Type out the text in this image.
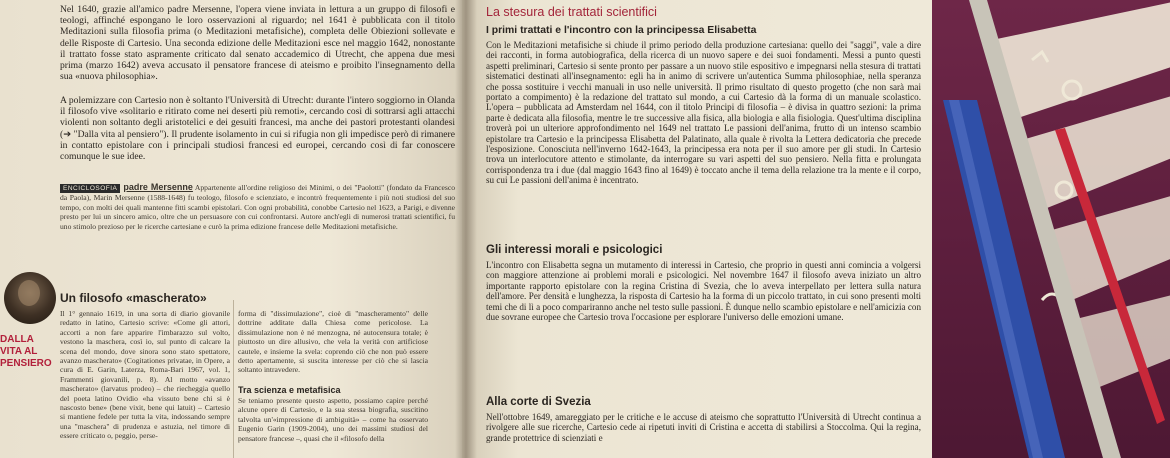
Nel 1640, grazie all'amico padre Mersenne, l'opera viene inviata in lettura a un gruppo di filosofi e teologi, affinché espongano le loro osservazioni al riguardo; nel 1641 è pubblicata con il titolo Meditazioni sulla filosofia prima (o Meditazioni metafisiche), completa delle Obiezioni sollevate e delle Risposte di Cartesio. Una seconda edizione delle Meditazioni esce nel maggio 1642, nonostante il trattato fosse stato aspramente criticato dal senato accademico di Utrecht, che appena due mesi prima (marzo 1642) aveva accusato il pensatore francese di ateismo e proibito l'insegnamento della sua «nuova philosophia».

A polemizzare con Cartesio non è soltanto l'Università di Utrecht: durante l'intero soggiorno in Olanda il filosofo vive «solitario e ritirato come nei deserti più remoti», cercando così di sottrarsi agli attacchi violenti non soltanto degli aristotelici e dei gesuiti francesi, ma anche dei pastori protestanti olandesi (➔ "Dalla vita al pensiero"). Il prudente isolamento in cui si rifugia non gli impedisce però di rimanere in contatto epistolare con i principali studiosi francesi ed europei, cercando così di far conoscere comunque le sue idee.

ENCICLOSOFIA padre Mersenne Appartenente all'ordine religioso dei Minimi, o dei "Paolotti" (fondato da Francesco da Paola), Marin Mersenne (1588-1648) fu teologo, filosofo e scienziato, e incontrò frequentemente i più noti studiosi del suo tempo, con molti dei quali mantenne fitti scambi epistolari. Con ogni probabilità, conobbe Cartesio nel 1623, a Parigi, e divenne presto per lui un sincero amico, oltre che un persuasore con cui confrontarsi. Autore anch'egli di numerosi trattati scientifici, fu uno stimolo prezioso per le ricerche cartesiane e curò la prima edizione francese delle Meditazioni metafisiche.
DALLA
VITA AL
PENSIERO
Un filosofo «mascherato»

Il 1° gennaio 1619, in una sorta di diario giovanile redatto in latino, Cartesio scrive: «Come gli attori, accorti a non fare apparire l'imbarazzo sul volto, vestono la maschera, così io, sul punto di calcare la scena del mondo, dove sinora sono stato spettatore, avanzo mascherato» (Cogitationes privatae, in Opere, a cura di E. Garin, Laterza, Roma-Bari 1967, vol. 1, Frammenti giovanili, p. 8). Al motto «avanzo mascherato» (larvatus prodeo) – che riecheggia quello del poeta latino Ovidio «ha vissuto bene chi si è nascosto bene» (bene vixit, bene qui latuit) – Cartesio si mantiene fedele per tutta la vita, indossando sempre una "maschera" di prudenza e astuzia, nel timore di essere criticato o, peggio, perse-

forma di "dissimulazione", cioè di "mascheramento" delle dottrine additate dalla Chiesa come pericolose. La dissimulazione non è né menzogna, né autocensura totale; è piuttosto un dire allusivo, che vela la verità con artificiose cautele, e insieme la svela: coprendo ciò che non può essere detto apertamente, si suscita interesse per ciò che si lascia soltanto intravedere.

Tra scienza e metafisica

Se teniamo presente questo aspetto, possiamo capire perché alcune opere di Cartesio, e la sua stessa biografia, suscitino talvolta un'«impressione di ambiguità» – come ha osservato Eugenio Garin (1909-2004), uno dei massimi studiosi del pensatore francese –, quasi che il «filosofo della

La stesura dei trattati scientifici
I primi trattati e l'incontro con la principessa Elisabetta

Con le Meditazioni metafisiche si chiude il primo periodo della produzione cartesiana: quello dei "saggi", vale a dire dei racconti, in forma autobiografica, della ricerca di un nuovo sapere e dei suoi fondamenti. Messi a punto questi aspetti preliminari, Cartesio si sente pronto per passare a un nuovo stile espositivo e impegnarsi nella stesura di trattati sistematici destinati all'insegnamento: egli ha in animo di scrivere un'autentica Summa philosophiae, nella speranza che possa sostituire i vecchi manuali in uso nelle università. Il primo risultato di questo progetto (che non sarà mai portato a compimento) è la redazione del trattato sul mondo, a cui Cartesio dà la forma di un manuale scolastico. L'opera – pubblicata ad Amsterdam nel 1644, con il titolo Principi di filosofia – è divisa in quattro sezioni: la prima parte è dedicata alla filosofia, mentre le tre successive alla fisica, alla biologia e alla fisiologia. Quest'ultima disciplina troverà poi un ulteriore approfondimento nel 1649 nel trattato Le passioni dell'anima, frutto di un intenso scambio epistolare tra Cartesio e la principessa Elisabetta del Palatinato, alla quale è rivolta la Lettera dedicatoria che precede l'esposizione. Conosciuta nell'inverno 1642-1643, la principessa era nota per il suo amore per gli studi. In Cartesio trova un interlocutore attento e stimolante, da interrogare su vari aspetti del suo pensiero. Nella fitta e prolungata corrispondenza tra i due (dal maggio 1643 fino al 1649) è toccato anche il tema della relazione tra la mente e il corpo, su cui Le passioni dell'anima è incentrato.

Gli interessi morali e psicologici

L'incontro con Elisabetta segna un mutamento di interessi in Cartesio, che proprio in questi anni comincia a volgersi con maggiore attenzione ai problemi morali e psicologici. Nel novembre 1647 il filosofo aveva iniziato un altro importante rapporto epistolare con la regina Cristina di Svezia, che lo aveva interpellato per lettera sulla natura dell'amore. Per densità e lunghezza, la risposta di Cartesio ha la forma di un piccolo trattato, in cui sono presenti molti temi che di lì a poco compariranno anche nel testo sulle passioni. È dunque nello scambio epistolare e nell'amicizia con due sovrane europee che Cartesio trova l'occasione per esplorare l'universo delle emozioni umane.

Alla corte di Svezia

Nell'ottobre 1649, amareggiato per le critiche e le accuse di ateismo che soprattutto l'Università di Utrecht continua a rivolgere alle sue ricerche, Cartesio cede ai ripetuti inviti di Cristina e accetta di stabilirsi a Stoccolma. Qui la regina, grande protettrice di scienziati e
